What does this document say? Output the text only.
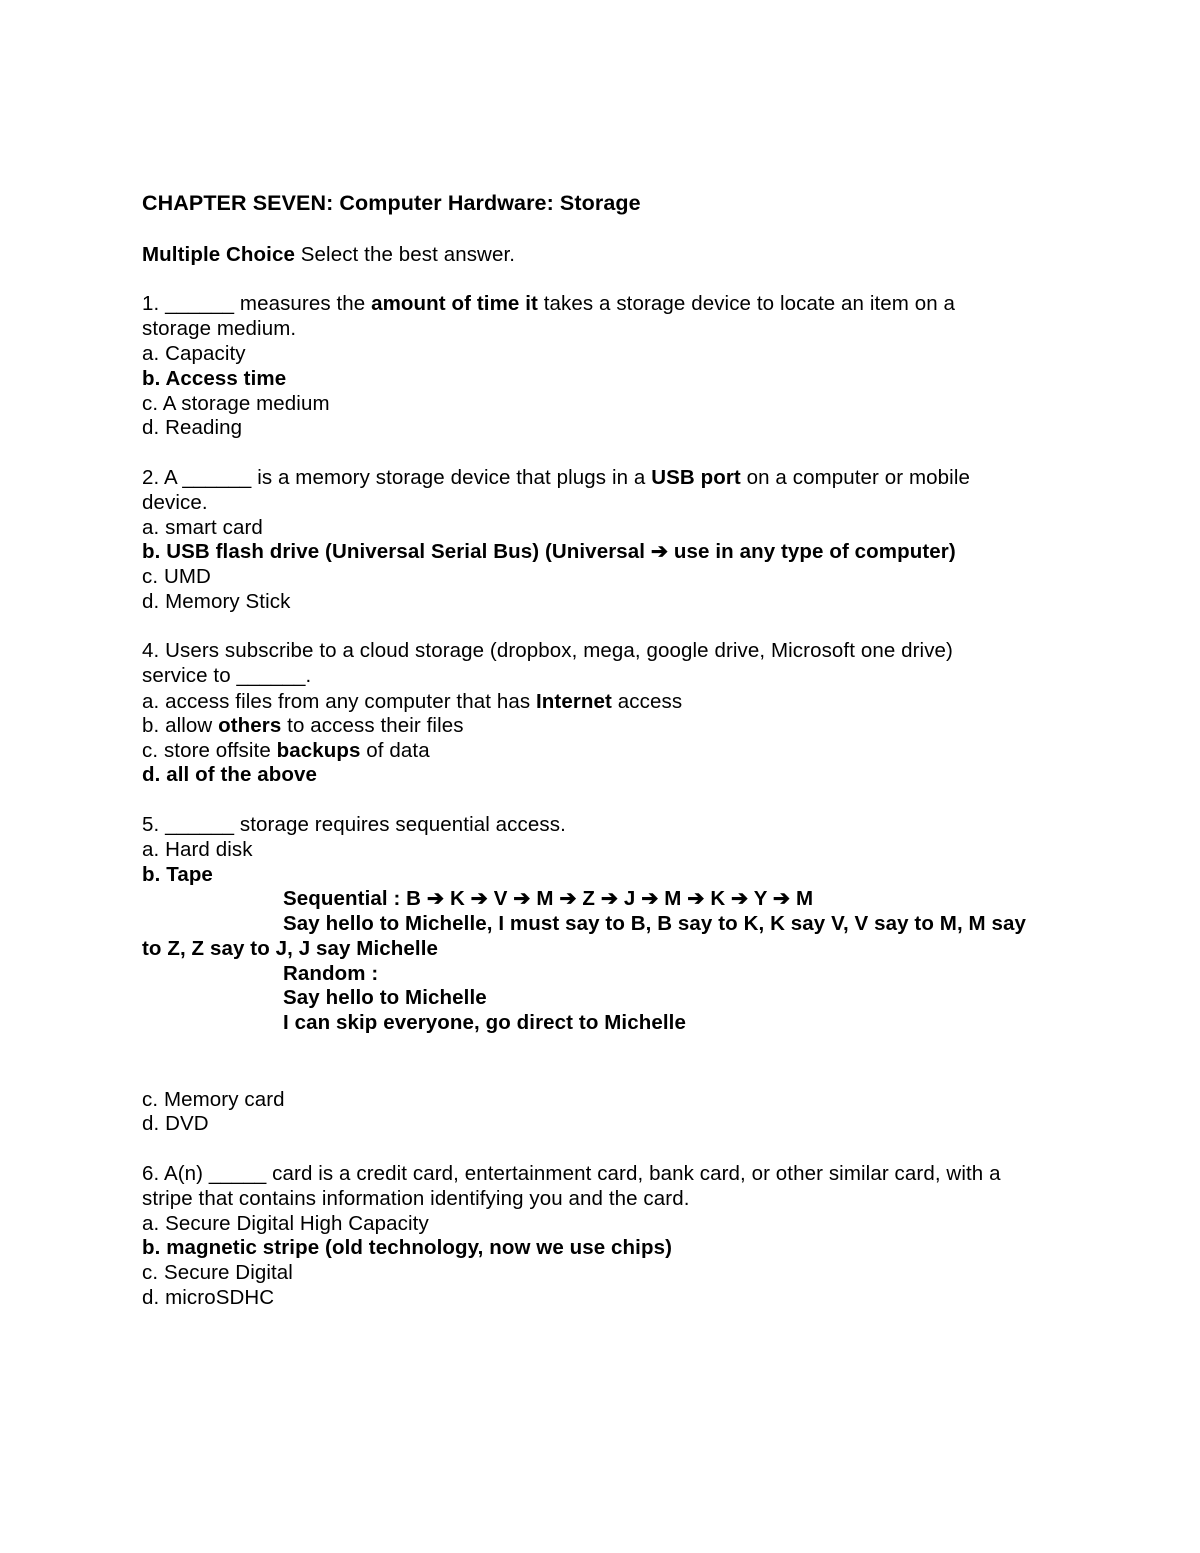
CHAPTER SEVEN: Computer Hardware: Storage
Multiple Choice Select the best answer.
1. ______ measures the amount of time it takes a storage device to locate an item on a
storage medium.
a. Capacity
b. Access time
c. A storage medium
d. Reading
2. A ______ is a memory storage device that plugs in a USB port on a computer or mobile
device.
a. smart card
b. USB flash drive (Universal Serial Bus) (Universal ➔ use in any type of computer)
c. UMD
d. Memory Stick
4. Users subscribe to a cloud storage (dropbox, mega, google drive, Microsoft one drive)
service to ______.
a. access files from any computer that has Internet access
b. allow others to access their files
c. store offsite backups of data
d. all of the above
5. ______ storage requires sequential access.
a. Hard disk
b. Tape
Sequential : B ➔ K ➔ V ➔ M ➔ Z ➔ J ➔ M ➔ K ➔ Y ➔ M
Say hello to Michelle, I must say to B, B say to K, K say V, V say to M, M say
to Z, Z say to J, J say Michelle
Random :
Say hello to Michelle
I can skip everyone, go direct to Michelle
c. Memory card
d. DVD
6. A(n) _____ card is a credit card, entertainment card, bank card, or other similar card, with a
stripe that contains information identifying you and the card.
a. Secure Digital High Capacity
b. magnetic stripe (old technology, now we use chips)
c. Secure Digital
d. microSDHC
